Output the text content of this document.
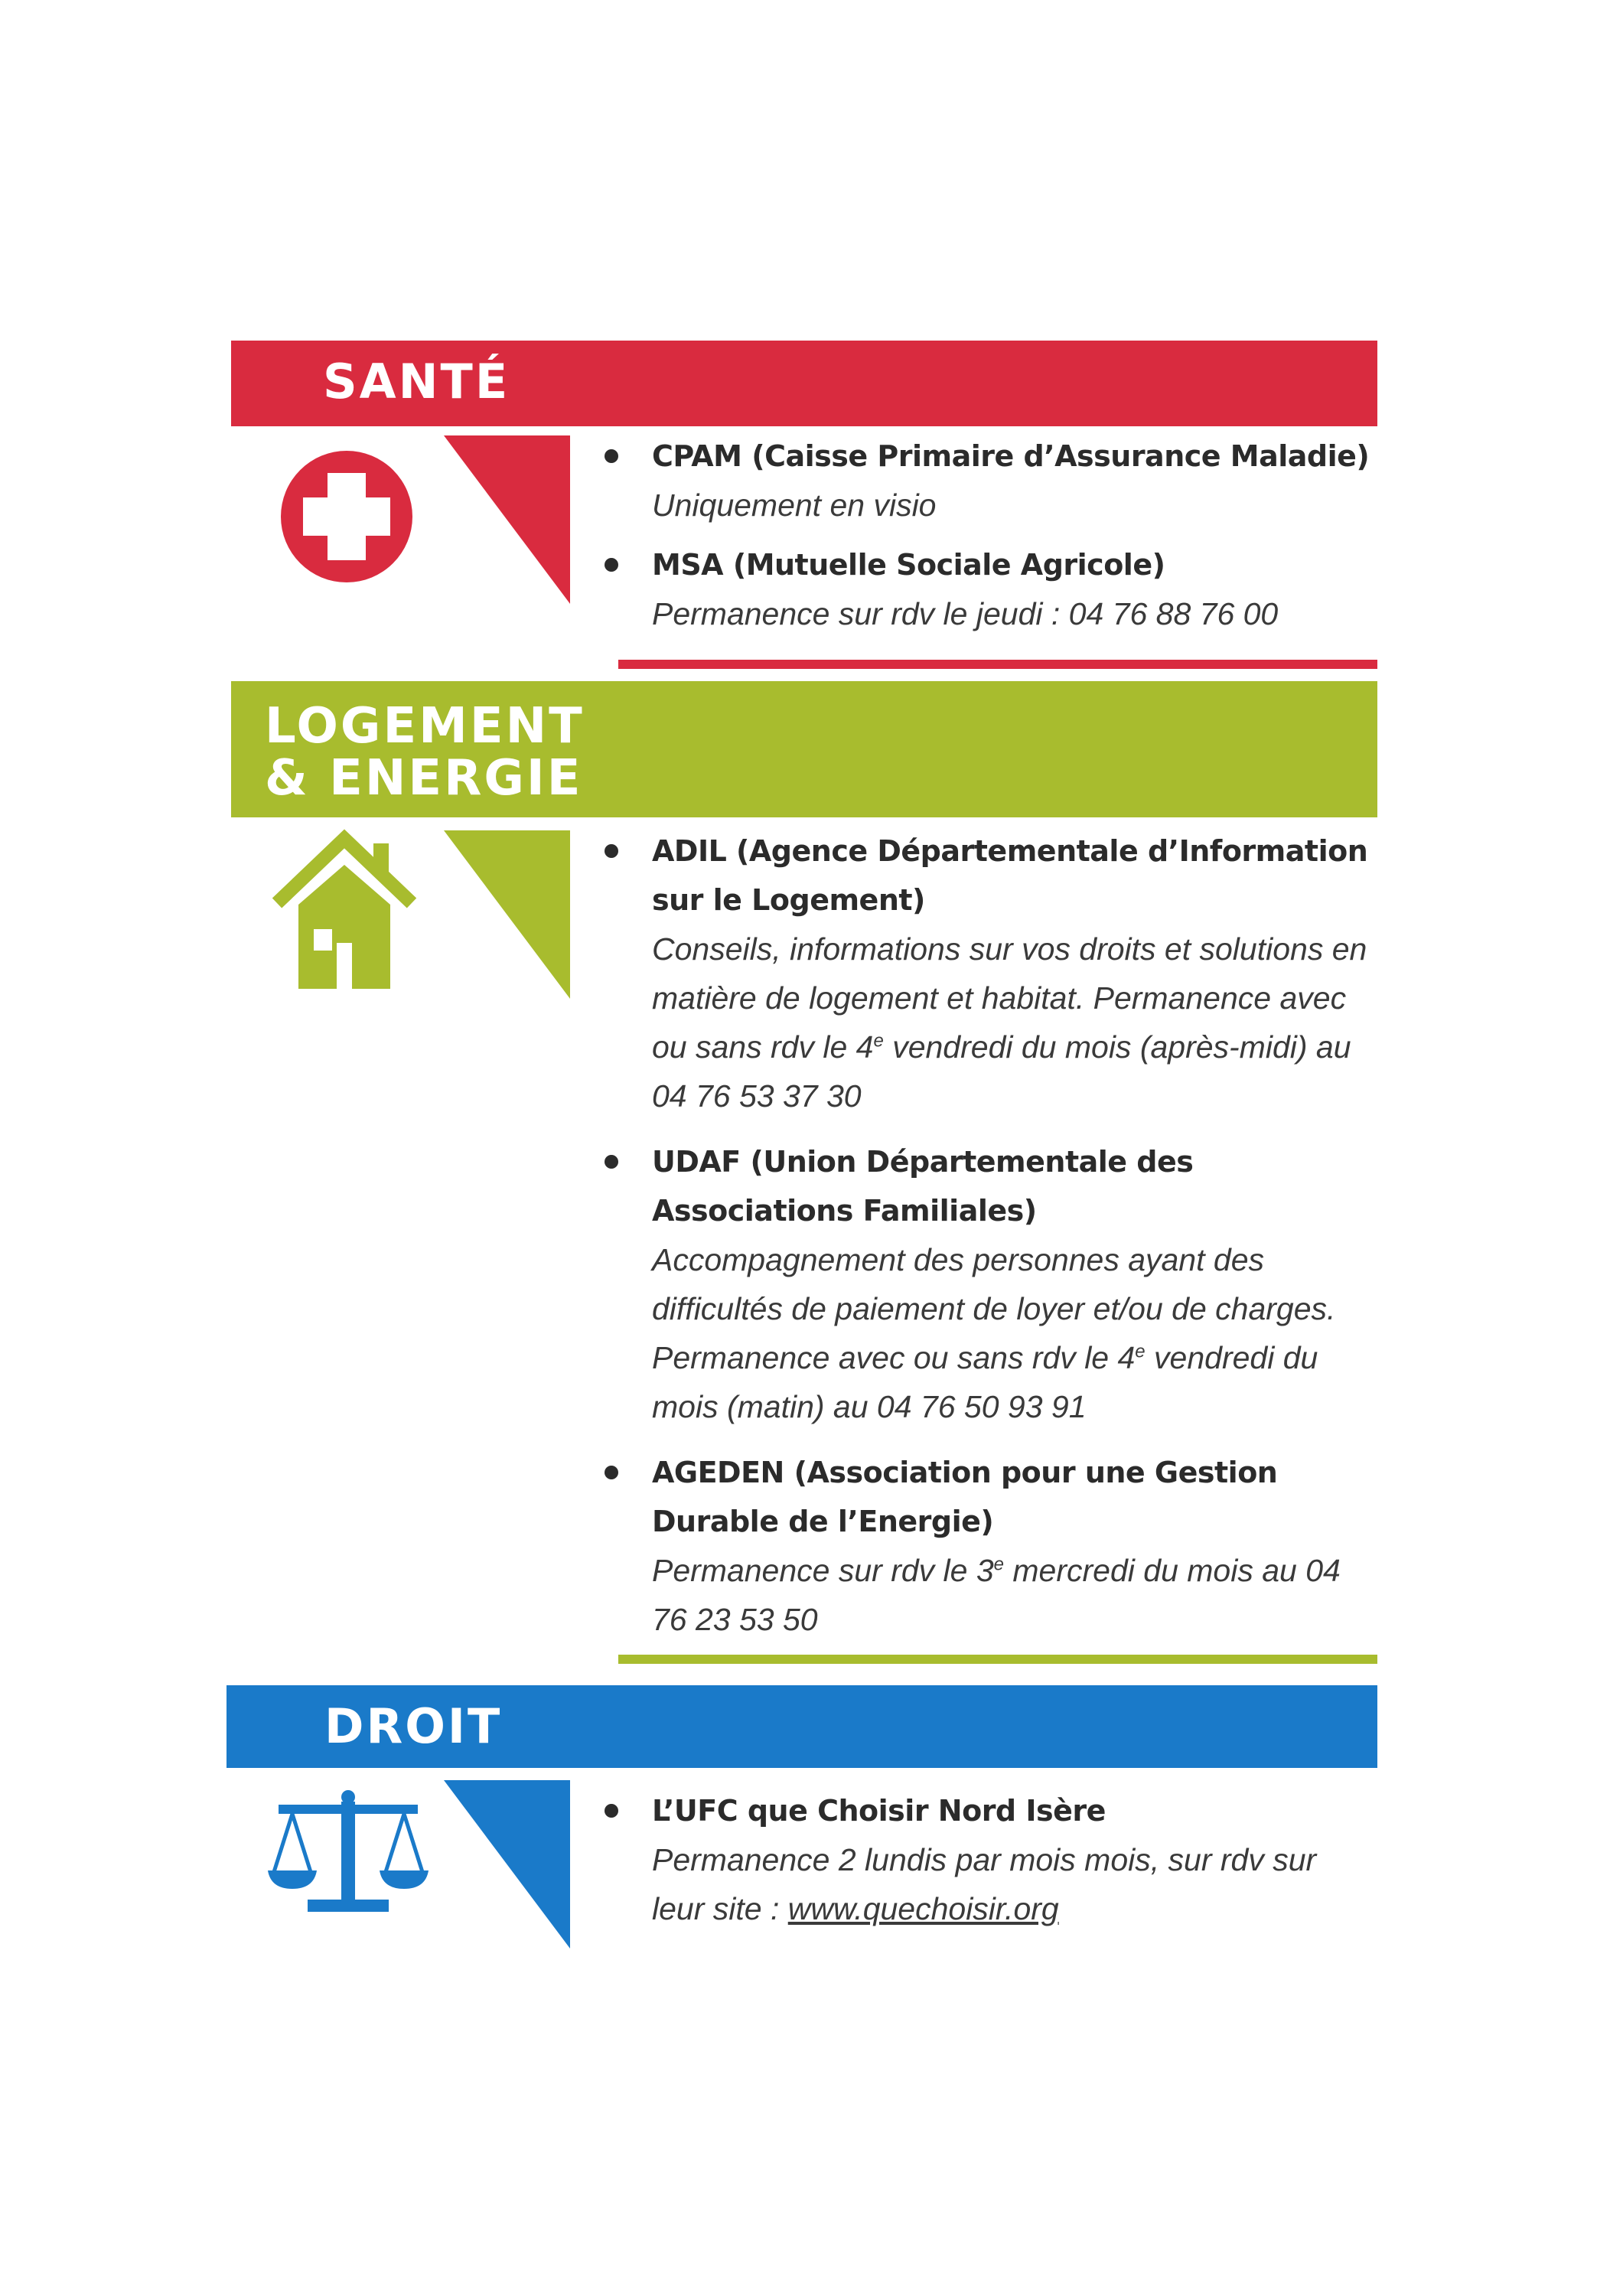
SANTÉ
CPAM (Caisse Primaire d’Assurance Maladie)
Uniquement en visio
MSA (Mutuelle Sociale Agricole)
Permanence sur rdv le jeudi : 04 76 88 76 00
LOGEMENT
& ENERGIE
ADIL (Agence Départementale d’Information sur le Logement)
Conseils, informations sur vos droits et solutions en matière de logement et habitat. Permanence avec ou sans rdv le 4e vendredi du mois (après-midi) au 04 76 53 37 30
UDAF (Union Départementale des Associations Familiales)
Accompagnement des personnes ayant des difficultés de paiement de loyer et/ou de charges. Permanence avec ou sans rdv le 4e vendredi du mois (matin) au 04 76 50 93 91
AGEDEN (Association pour une Gestion Durable de l’Energie)
Permanence sur rdv le 3e mercredi du mois au 04 76 23 53 50
DROIT
L’UFC que Choisir Nord Isère
Permanence 2 lundis par mois mois, sur rdv sur leur site : www.quechoisir.org
